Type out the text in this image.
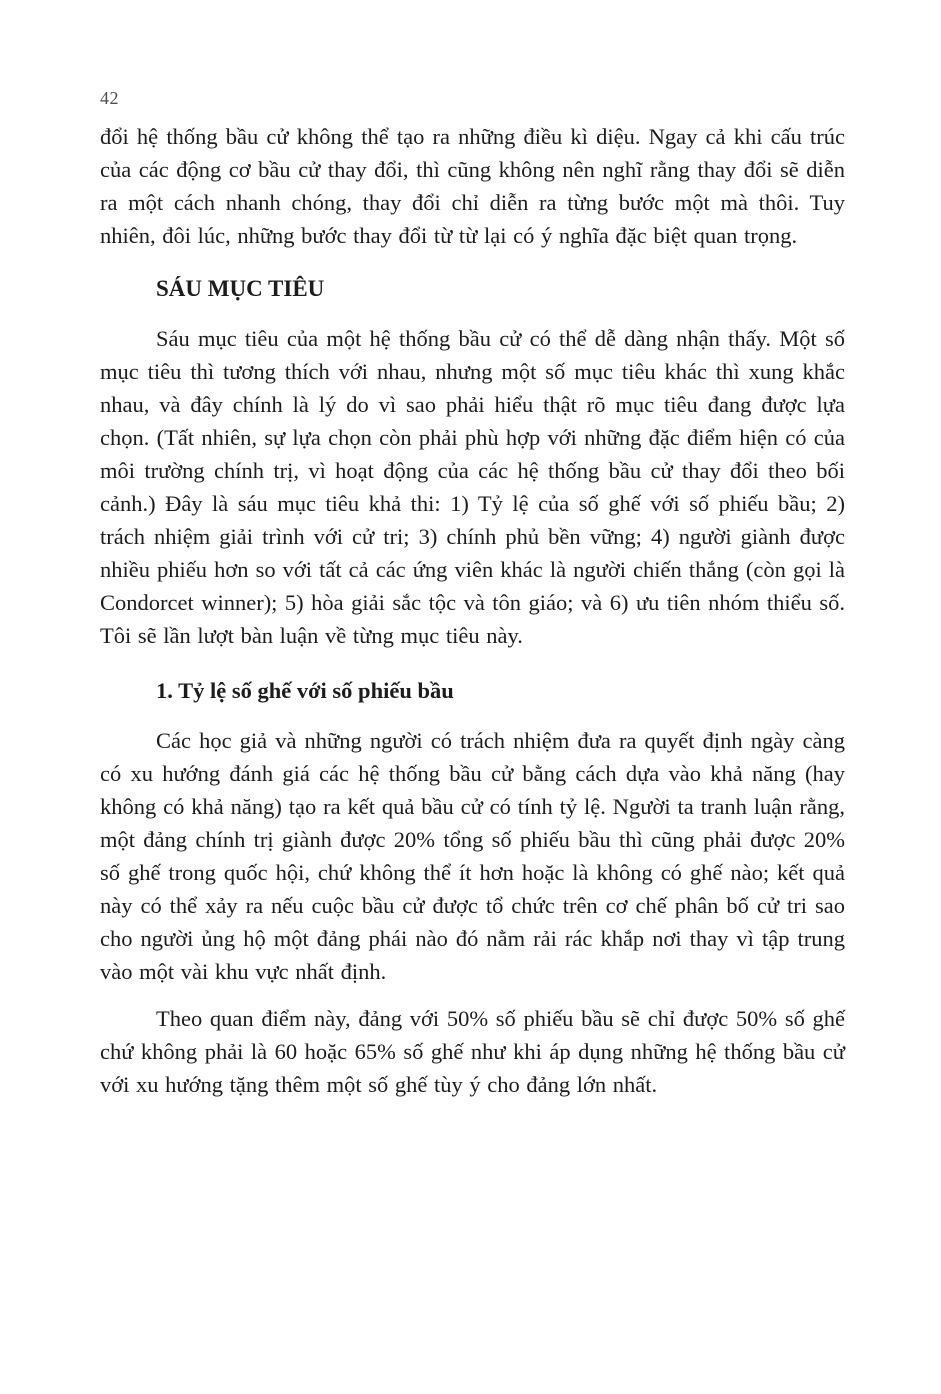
42

đổi hệ thống bầu cử không thể tạo ra những điều kì diệu. Ngay cả khi cấu trúc của các động cơ bầu cử thay đổi, thì cũng không nên nghĩ rằng thay đổi sẽ diễn ra một cách nhanh chóng, thay đổi chỉ diễn ra từng bước một mà thôi. Tuy nhiên, đôi lúc, những bước thay đổi từ từ lại có ý nghĩa đặc biệt quan trọng.

SÁU MỤC TIÊU

Sáu mục tiêu của một hệ thống bầu cử có thể dễ dàng nhận thấy. Một số mục tiêu thì tương thích với nhau, nhưng một số mục tiêu khác thì xung khắc nhau, và đây chính là lý do vì sao phải hiểu thật rõ mục tiêu đang được lựa chọn. (Tất nhiên, sự lựa chọn còn phải phù hợp với những đặc điểm hiện có của môi trường chính trị, vì hoạt động của các hệ thống bầu cử thay đổi theo bối cảnh.) Đây là sáu mục tiêu khả thi: 1) Tỷ lệ của số ghế với số phiếu bầu; 2) trách nhiệm giải trình với cử tri; 3) chính phủ bền vững; 4) người giành được nhiều phiếu hơn so với tất cả các ứng viên khác là người chiến thắng (còn gọi là Condorcet winner); 5) hòa giải sắc tộc và tôn giáo; và 6) ưu tiên nhóm thiểu số. Tôi sẽ lần lượt bàn luận về từng mục tiêu này.

1. Tỷ lệ số ghế với số phiếu bầu

Các học giả và những người có trách nhiệm đưa ra quyết định ngày càng có xu hướng đánh giá các hệ thống bầu cử bằng cách dựa vào khả năng (hay không có khả năng) tạo ra kết quả bầu cử có tính tỷ lệ. Người ta tranh luận rằng, một đảng chính trị giành được 20% tổng số phiếu bầu thì cũng phải được 20% số ghế trong quốc hội, chứ không thể ít hơn hoặc là không có ghế nào; kết quả này có thể xảy ra nếu cuộc bầu cử được tổ chức trên cơ chế phân bố cử tri sao cho người ủng hộ một đảng phái nào đó nằm rải rác khắp nơi thay vì tập trung vào một vài khu vực nhất định.

Theo quan điểm này, đảng với 50% số phiếu bầu sẽ chỉ được 50% số ghế chứ không phải là 60 hoặc 65% số ghế như khi áp dụng những hệ thống bầu cử với xu hướng tặng thêm một số ghế tùy ý cho đảng lớn nhất.
